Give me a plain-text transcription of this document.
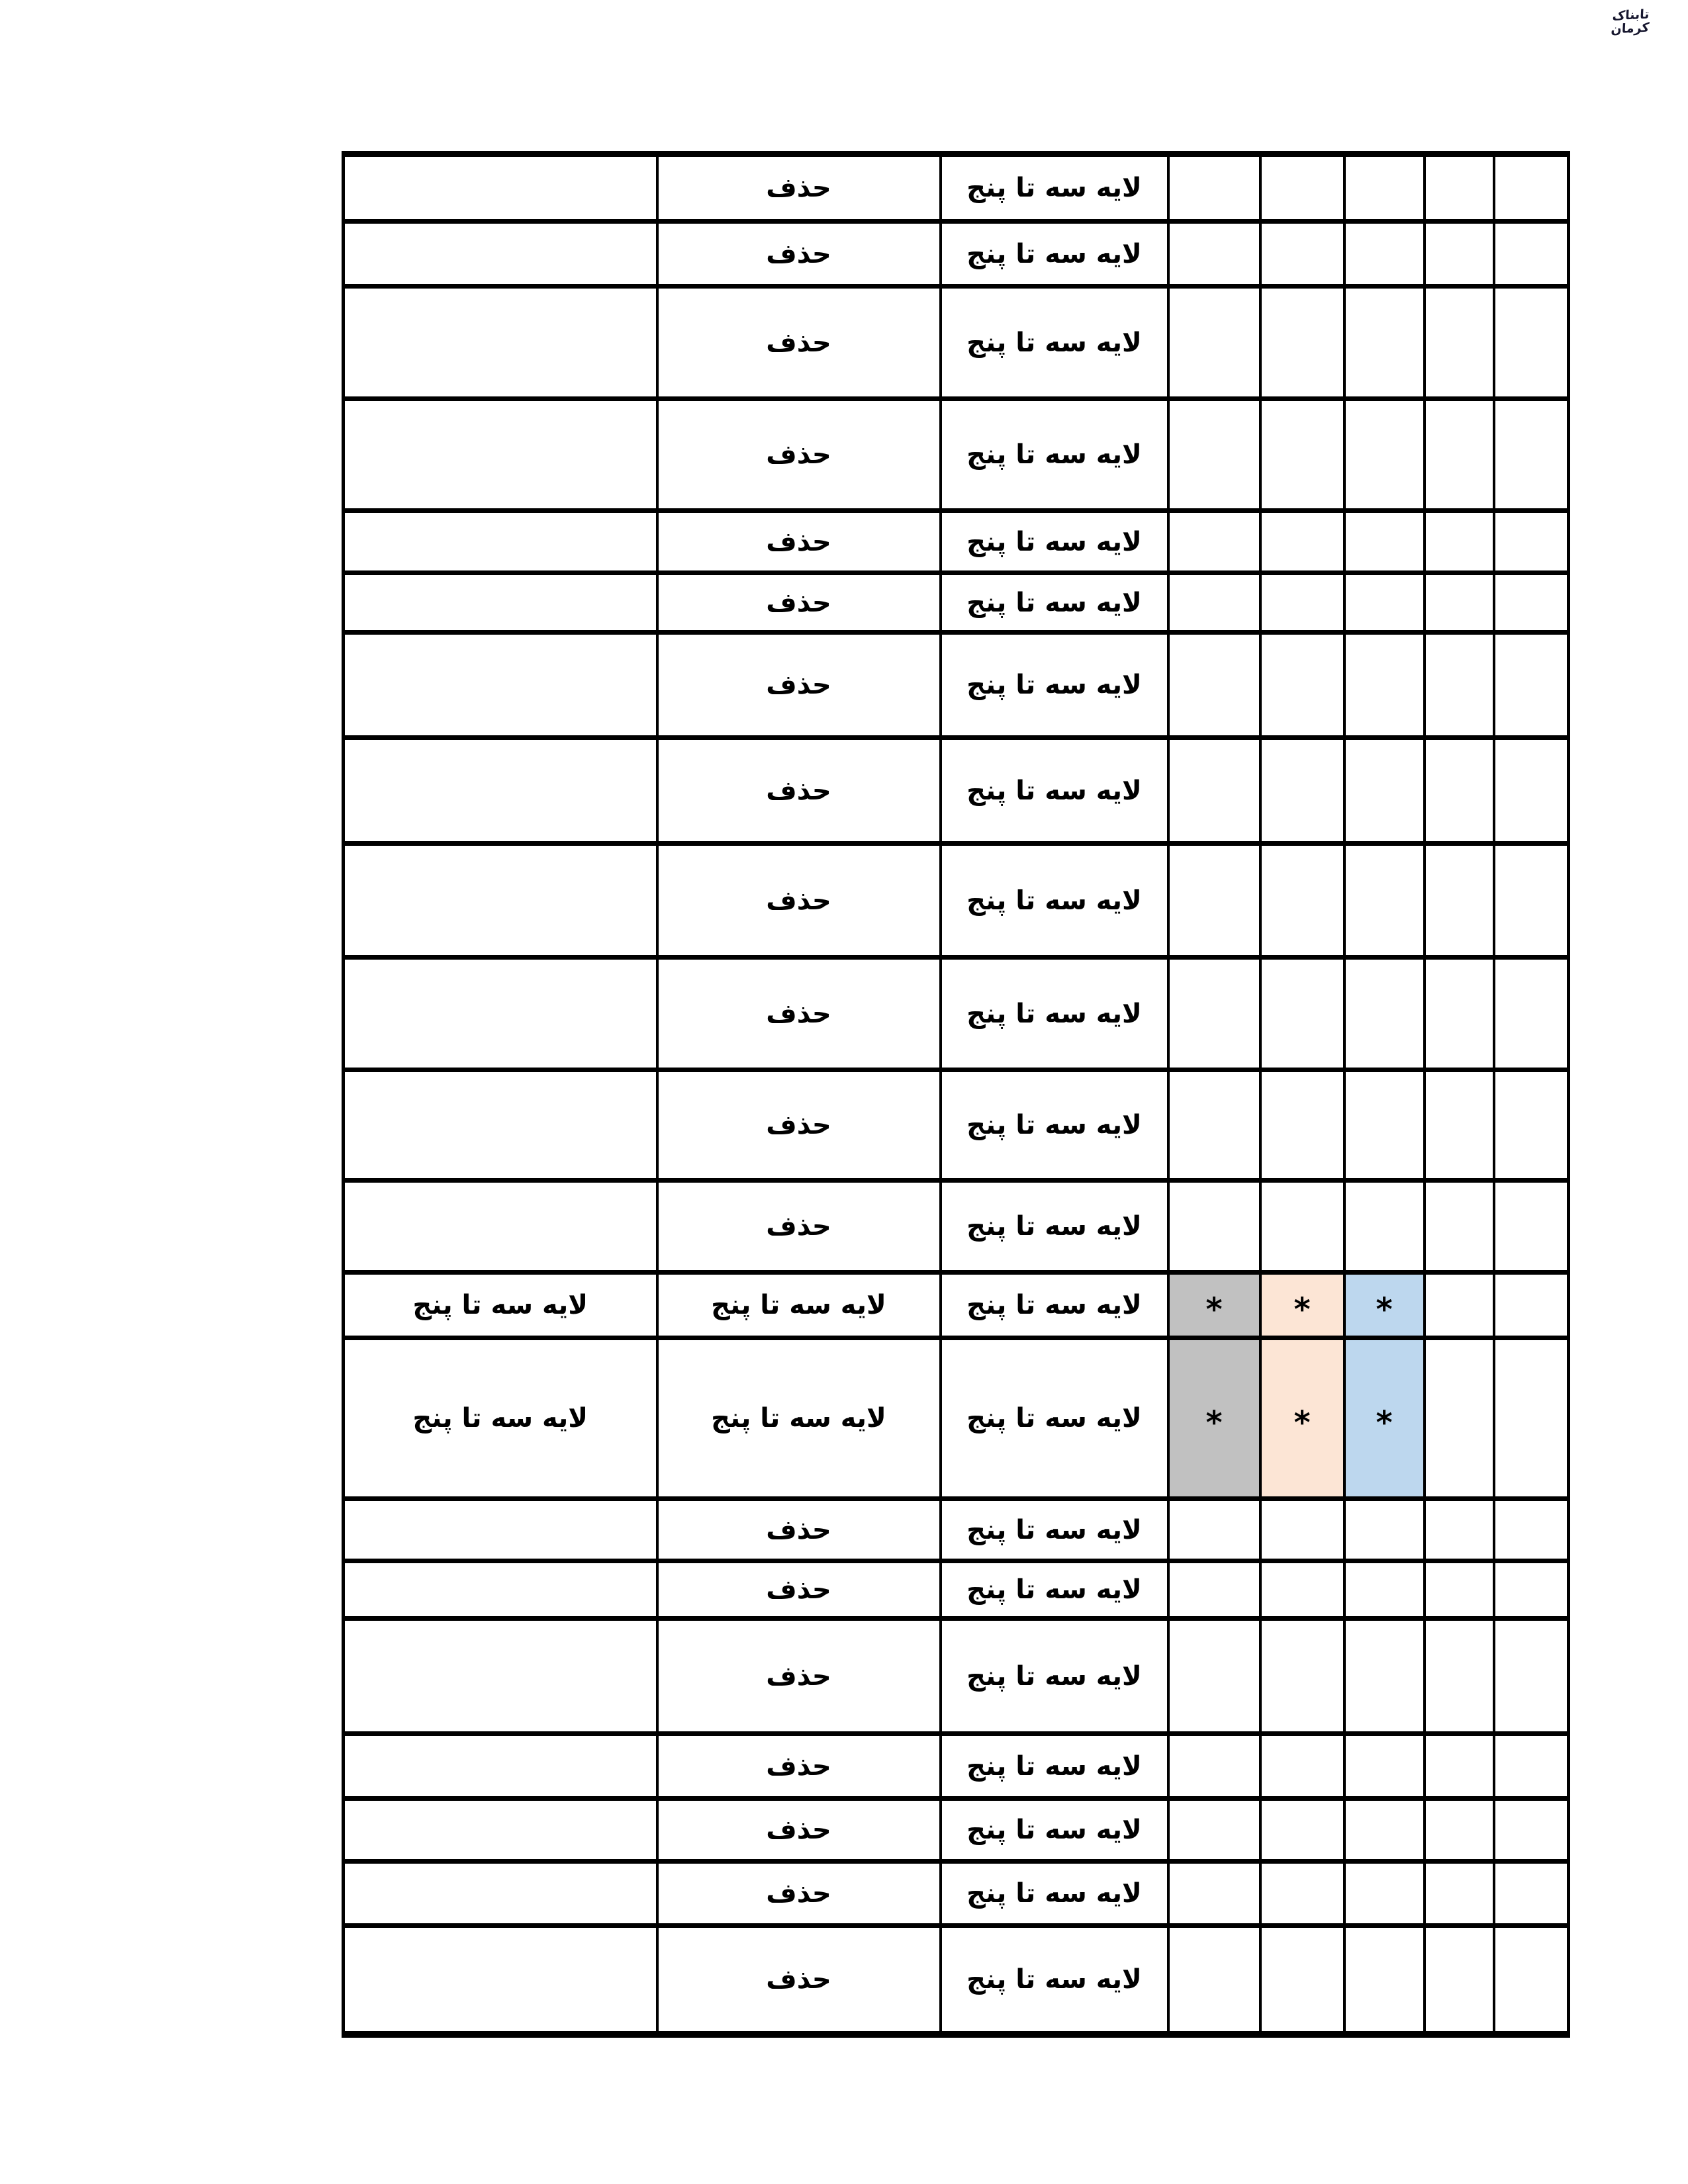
تابناک کرمان
	حذف	لایه سه تا پنج					
	حذف	لایه سه تا پنج					
	حذف	لایه سه تا پنج					
	حذف	لایه سه تا پنج					
	حذف	لایه سه تا پنج					
	حذف	لایه سه تا پنج					
	حذف	لایه سه تا پنج					
	حذف	لایه سه تا پنج					
	حذف	لایه سه تا پنج					
	حذف	لایه سه تا پنج					
	حذف	لایه سه تا پنج					
	حذف	لایه سه تا پنج					
لایه سه تا پنج	لایه سه تا پنج	لایه سه تا پنج	*	*	*		
لایه سه تا پنج	لایه سه تا پنج	لایه سه تا پنج	*	*	*		
	حذف	لایه سه تا پنج					
	حذف	لایه سه تا پنج					
	حذف	لایه سه تا پنج					
	حذف	لایه سه تا پنج					
	حذف	لایه سه تا پنج					
	حذف	لایه سه تا پنج					
	حذف	لایه سه تا پنج					
